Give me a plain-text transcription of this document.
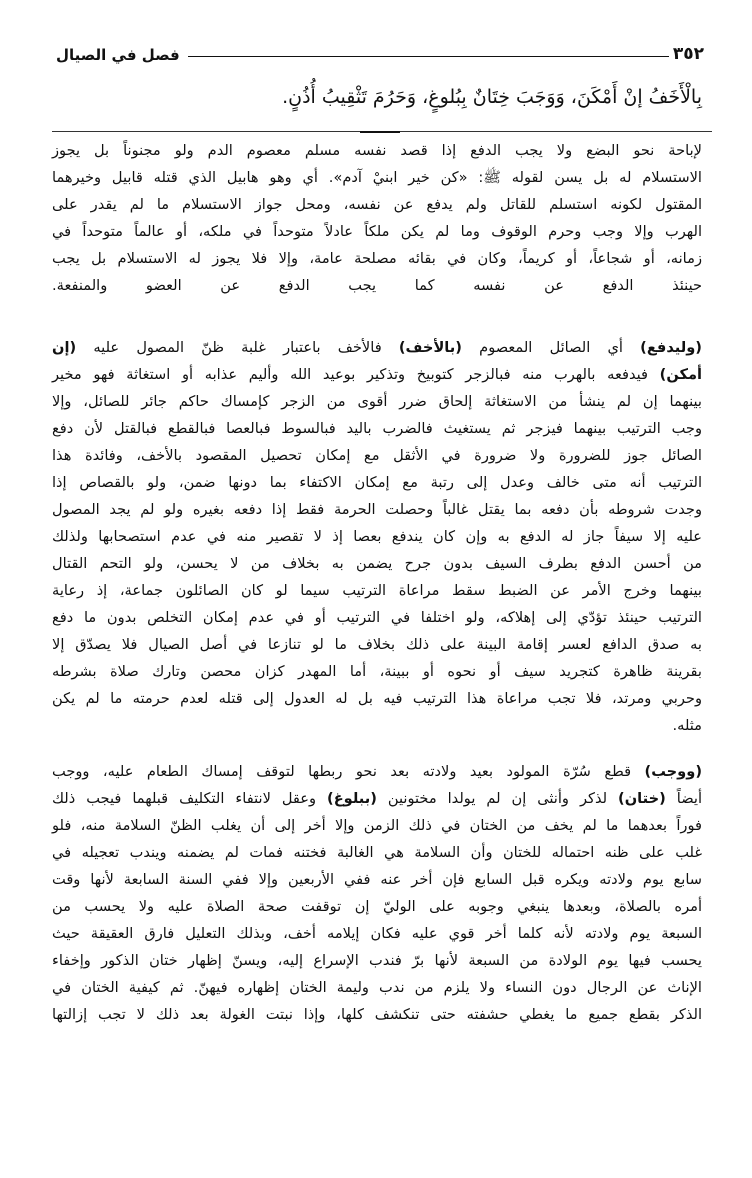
٣٥٢
فصل في الصيال
بِالْأَخَفُ إنْ أَمْكَنَ، وَوَجَبَ خِتَانٌ بِبُلوغٍ، وَحَرُمَ تَثْقِيبُ أُذُنٍ.
لإباحة نحو البضع ولا يجب الدفع إذا قصد نفسه مسلم معصوم الدم ولو مجنوناً بل يجوز
الاستسلام له بل يسن لقوله ﷺ: «كن خير ابنيْ آدم». أي وهو هابيل الذي قتله قابيل وخيرهما
المقتول لكونه استسلم للقاتل ولم يدفع عن نفسه، ومحل جواز الاستسلام ما لم يقدر على
الهرب وإلا وجب وحرم الوقوف وما لم يكن ملكاً عادلاً متوحداً في ملكه، أو عالماً متوحداً في
زمانه، أو شجاعاً، أو كريماً، وكان في بقائه مصلحة عامة، وإلا فلا يجوز له الاستسلام بل يجب
حينئذ الدفع عن نفسه كما يجب الدفع عن العضو والمنفعة.
(وليدفع) أي الصائل المعصوم (بالأخف) فالأخف باعتبار غلبة ظنّ المصول عليه (إن
أمكن) فيدفعه بالهرب منه فبالزجر كتوبيخ وتذكير بوعيد الله وأليم عذابه أو استغاثة فهو مخير
بينهما إن لم ينشأ من الاستغاثة إلحاق ضرر أقوى من الزجر كإمساك حاكم جائر للصائل، وإلا
وجب الترتيب بينهما فيزجر ثم يستغيث فالضرب باليد فبالسوط فبالعصا فبالقطع فبالقتل لأن دفع
الصائل جوز للضرورة ولا ضرورة في الأثقل مع إمكان تحصيل المقصود بالأخف، وفائدة هذا
الترتيب أنه متى خالف وعدل إلى رتبة مع إمكان الاكتفاء بما دونها ضمن، ولو بالقصاص إذا
وجدت شروطه بأن دفعه بما يقتل غالباً وحصلت الحرمة فقط إذا دفعه بغيره ولو لم يجد المصول
عليه إلا سيفاً جاز له الدفع به وإن كان يندفع بعصا إذ لا تقصير منه في عدم استصحابها ولذلك
من أحسن الدفع بطرف السيف بدون جرح يضمن به بخلاف من لا يحسن، ولو التحم القتال
بينهما وخرج الأمر عن الضبط سقط مراعاة الترتيب سيما لو كان الصائلون جماعة، إذ رعاية
الترتيب حينئذ تؤدّي إلى إهلاكه، ولو اختلفا في الترتيب أو في عدم إمكان التخلص بدون ما دفع
به صدق الدافع لعسر إقامة البينة على ذلك بخلاف ما لو تنازعا في أصل الصيال فلا يصدّق إلا
بقرينة ظاهرة كتجريد سيف أو نحوه أو ببينة، أما المهدر كزان محصن وتارك صلاة بشرطه
وحربي ومرتد، فلا تجب مراعاة هذا الترتيب فيه بل له العدول إلى قتله لعدم حرمته ما لم يكن
مثله.
(ووجب) قطع سُرّة المولود بعيد ولادته بعد نحو ربطها لتوقف إمساك الطعام عليه، ووجب
أيضاً (ختان) لذكر وأنثى إن لم يولدا مختونين (ببلوغ) وعقل لانتفاء التكليف قبلهما فيجب ذلك
فوراً بعدهما ما لم يخف من الختان في ذلك الزمن وإلا أخر إلى أن يغلب الظنّ السلامة منه، فلو
غلب على ظنه احتماله للختان وأن السلامة هي الغالبة فختنه فمات لم يضمنه ويندب تعجيله في
سابع يوم ولادته ويكره قبل السابع فإن أخر عنه ففي الأربعين وإلا ففي السنة السابعة لأنها وقت
أمره بالصلاة، وبعدها ينبغي وجوبه على الوليّ إن توقفت صحة الصلاة عليه ولا يحسب من
السبعة يوم ولادته لأنه كلما أخر قوي عليه فكان إيلامه أخف، وبذلك التعليل فارق العقيقة حيث
يحسب فيها يوم الولادة من السبعة لأنها برّ فندب الإسراع إليه، ويسنّ إظهار ختان الذكور وإخفاء
الإناث عن الرجال دون النساء ولا يلزم من ندب وليمة الختان إظهاره فيهنّ. ثم كيفية الختان في
الذكر بقطع جميع ما يغطي حشفته حتى تنكشف كلها، وإذا نبتت الغولة بعد ذلك لا تجب إزالتها
